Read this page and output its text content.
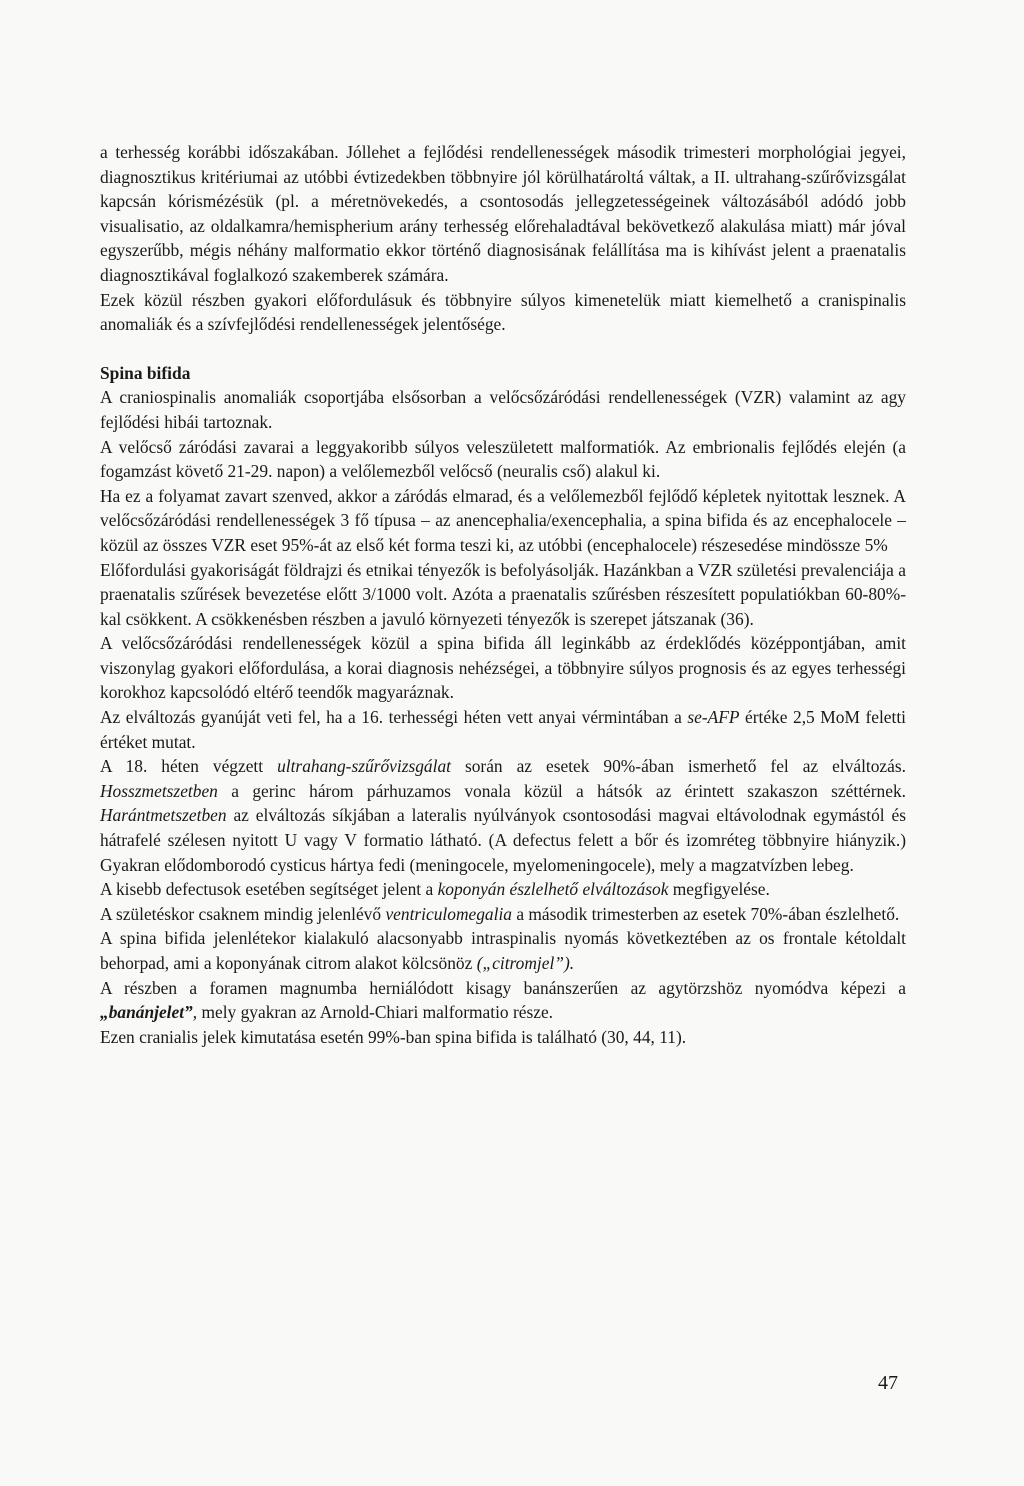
a terhesség korábbi időszakában. Jóllehet a fejlődési rendellenességek második trimesteri morphológiai jegyei, diagnosztikus kritériumai az utóbbi évtizedekben többnyire jól körülhatároltá váltak, a II. ultrahang-szűrővizsgálat kapcsán kórismézésük (pl. a méretnövekedés, a csontosodás jellegzetességeinek változásából adódó jobb visualisatio, az oldalkamra/hemispherium arány terhesség előrehaladtával bekövetkező alakulása miatt) már jóval egyszerűbb, mégis néhány malformatio ekkor történő diagnosisának felállítása ma is kihívást jelent a praenatalis diagnosztikával foglalkozó szakemberek számára.

Ezek közül részben gyakori előfordulásuk és többnyire súlyos kimenetelük miatt kiemelhető a cranispinalis anomaliák és a szívfejlődési rendellenességek jelentősége.

Spina bifida

A craniospinalis anomaliák csoportjába elsősorban a velőcsőzáródási rendellenességek (VZR) valamint az agy fejlődési hibái tartoznak.

A velőcső záródási zavarai a leggyakoribb súlyos veleszületett malformatiók. Az embrionalis fejlődés elején (a fogamzást követő 21-29. napon) a velőlemezből velőcső (neuralis cső) alakul ki.

Ha ez a folyamat zavart szenved, akkor a záródás elmarad, és a velőlemezből fejlődő képletek nyitottak lesznek. A velőcsőzáródási rendellenességek 3 fő típusa – az anencephalia/exencephalia, a spina bifida és az encephalocele – közül az összes VZR eset 95%-át az első két forma teszi ki, az utóbbi (encephalocele) részesedése mindössze 5%

Előfordulási gyakoriságát földrajzi és etnikai tényezők is befolyásolják. Hazánkban a VZR születési prevalenciája a praenatalis szűrések bevezetése előtt 3/1000 volt. Azóta a praenatalis szűrésben részesített populatiókban 60-80%-kal csökkent. A csökkenésben részben a javuló környezeti tényezők is szerepet játszanak (36).

A velőcsőzáródási rendellenességek közül a spina bifida áll leginkább az érdeklődés középpontjában, amit viszonylag gyakori előfordulása, a korai diagnosis nehézségei, a többnyire súlyos prognosis és az egyes terhességi korokhoz kapcsolódó eltérő teendők magyaráznak.

Az elváltozás gyanúját veti fel, ha a 16. terhességi héten vett anyai vérmintában a se-AFP értéke 2,5 MoM feletti értéket mutat.

A 18. héten végzett ultrahang-szűrővizsgálat során az esetek 90%-ában ismerhető fel az elváltozás. Hosszmetszetben a gerinc három párhuzamos vonala közül a hátsók az érintett szakaszon széttérnek. Harántmetszetben az elváltozás síkjában a lateralis nyúlványok csontosodási magvai eltávolodnak egymástól és hátrafelé szélesen nyitott U vagy V formatio látható. (A defectus felett a bőr és izomréteg többnyire hiányzik.) Gyakran elődomborodó cysticus hártya fedi (meningocele, myelomeningocele), mely a magzatvízben lebeg.

A kisebb defectusok esetében segítséget jelent a koponyán észlelhető elváltozások megfigyelése.

A születéskor csaknem mindig jelenlévő ventriculomegalia a második trimesterben az esetek 70%-ában észlelhető.

A spina bifida jelenlétekor kialakuló alacsonyabb intraspinalis nyomás következtében az os frontale kétoldalt behorpad, ami a koponyának citrom alakot kölcsönöz („citromjel”).

A részben a foramen magnumba herniálódott kisagy banánszerűen az agytörzshöz nyomódva képezi a „banánjelet”, mely gyakran az Arnold-Chiari malformatio része.

Ezen cranialis jelek kimutatása esetén 99%-ban spina bifida is található (30, 44, 11).

47
